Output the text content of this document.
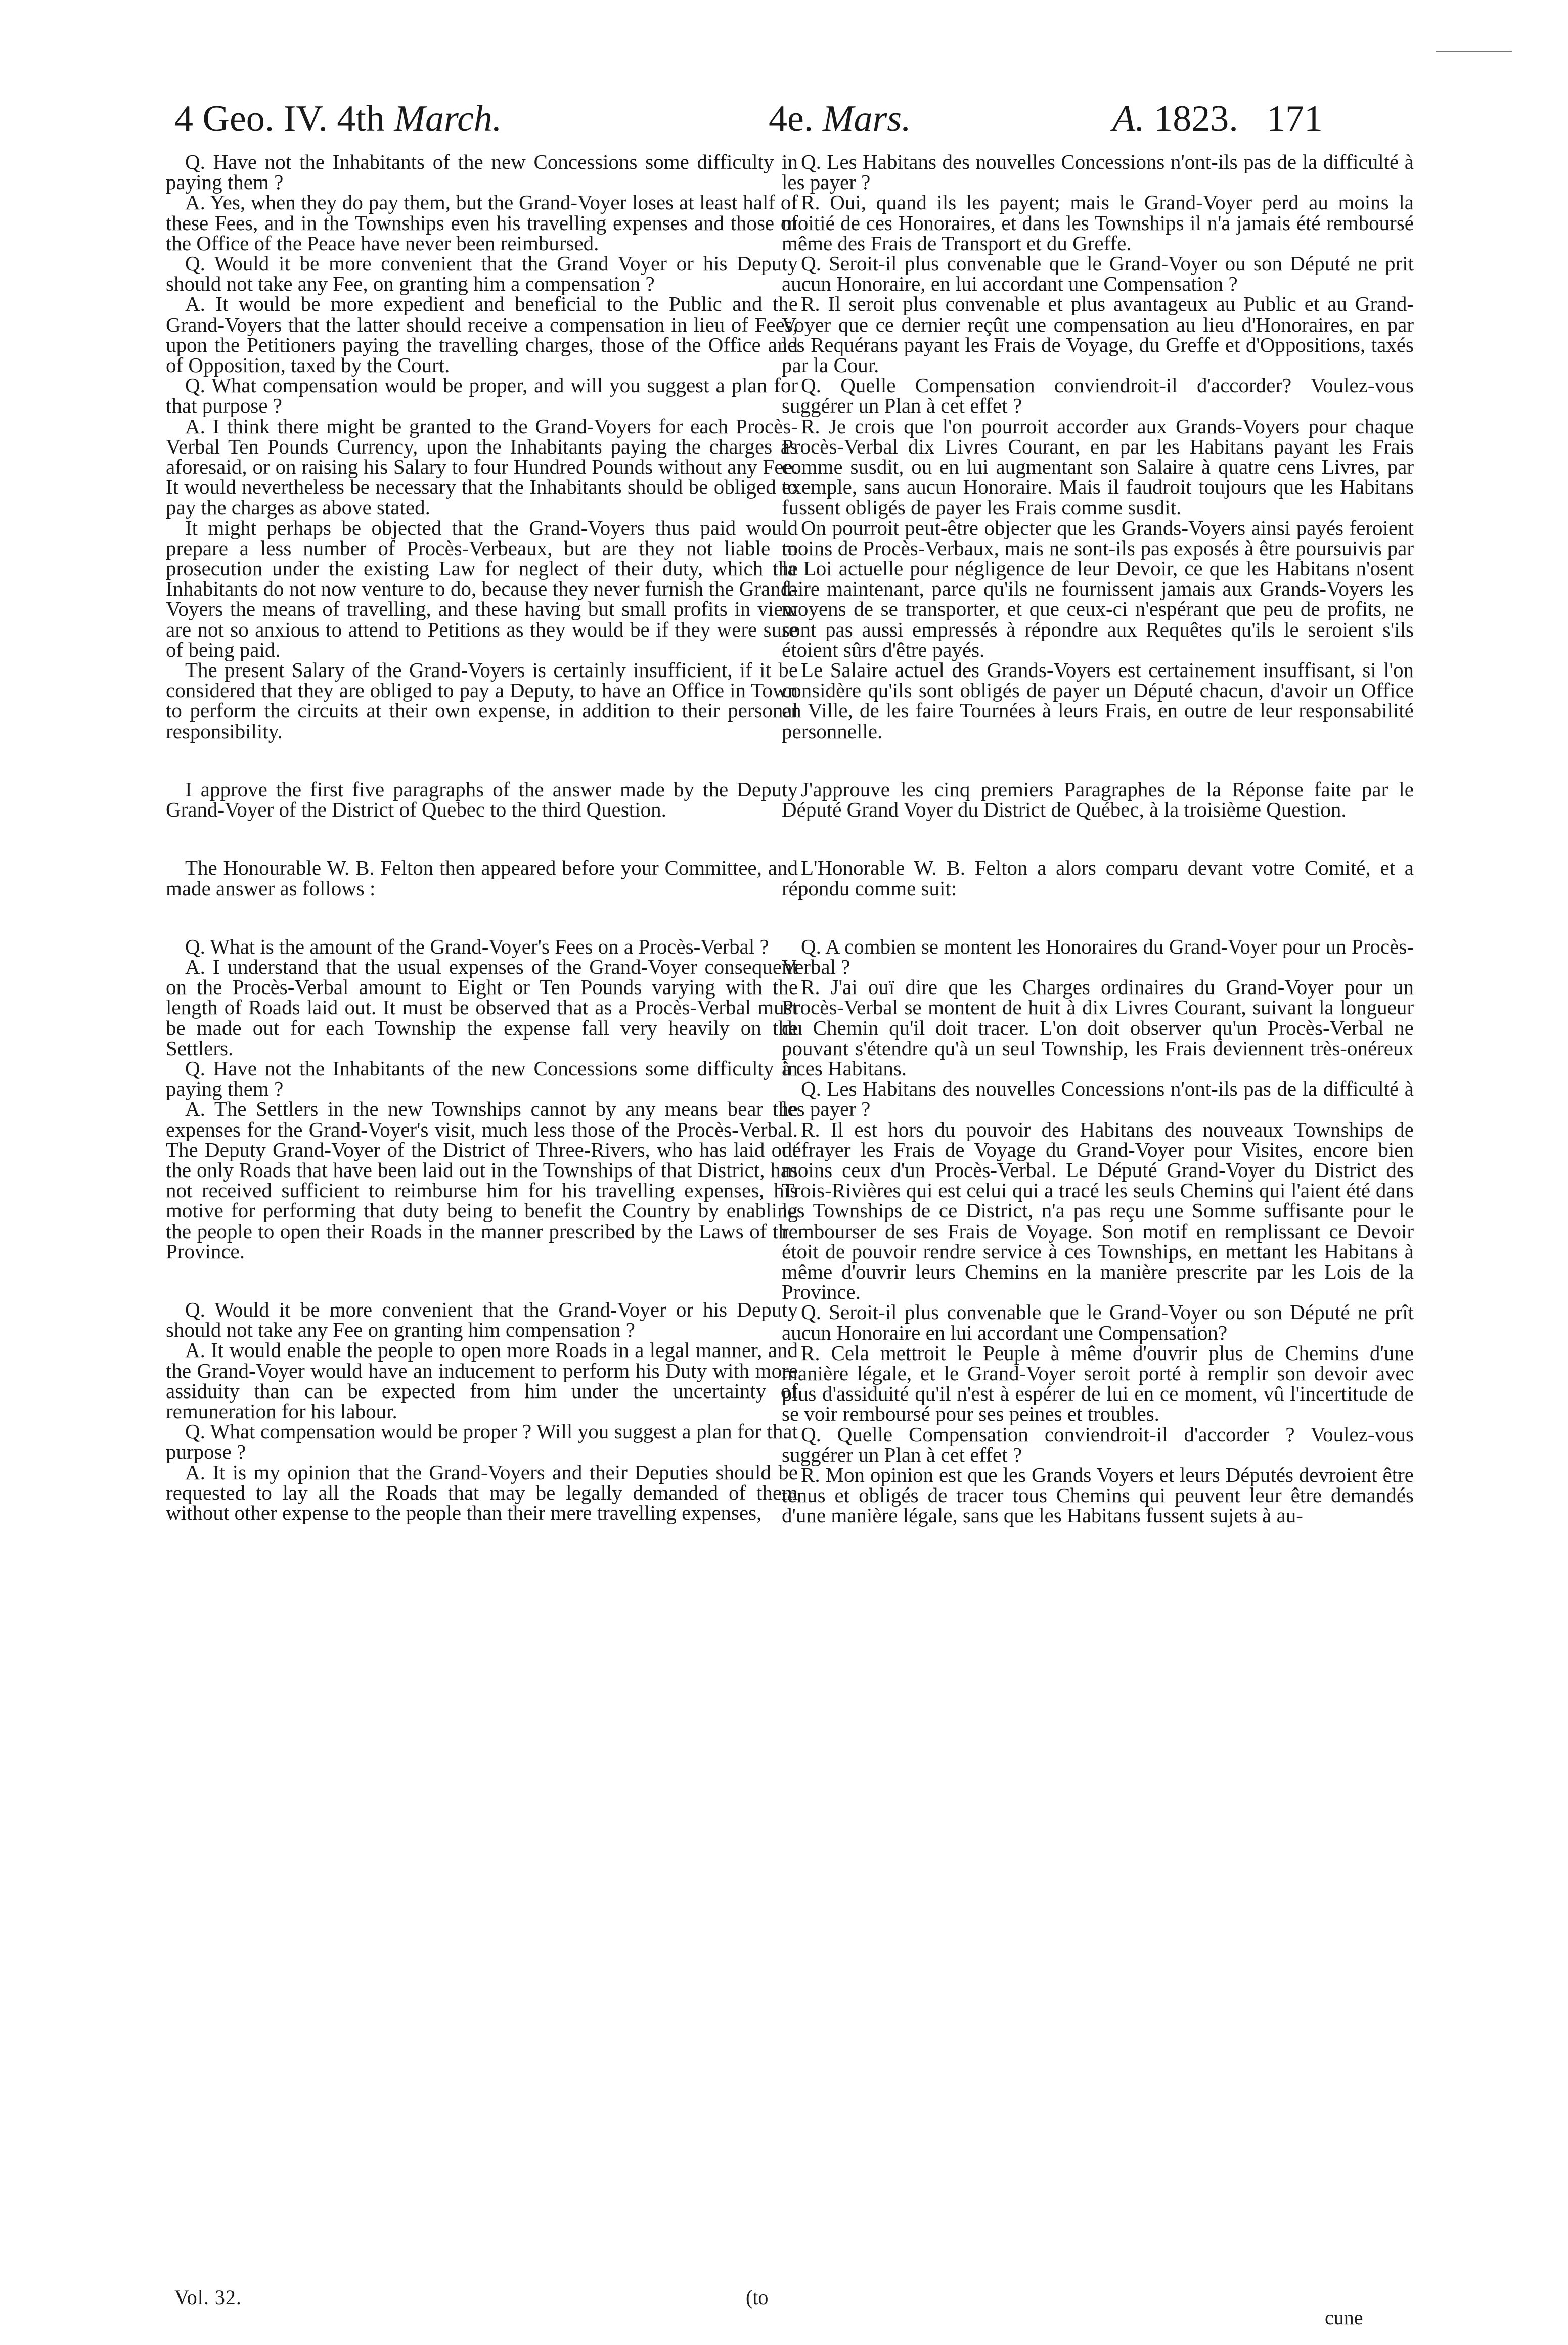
4 Geo. IV. 4th March.	4e. Mars.	A. 1823. 171

Q. Have not the Inhabitants of the new Concessions some difficulty in paying them ?

A. Yes, when they do pay them, but the Grand-Voyer loses at least half of these Fees, and in the Townships even his travelling expenses and those of the Office of the Peace have never been reimbursed.

Q. Would it be more convenient that the Grand Voyer or his Deputy should not take any Fee, on granting him a compensation ?

A. It would be more expedient and beneficial to the Public and the Grand-Voyers that the latter should receive a compensation in lieu of Fees, upon the Petitioners paying the travelling charges, those of the Office and of Opposition, taxed by the Court.

Q. What compensation would be proper, and will you suggest a plan for that purpose ?

A. I think there might be granted to the Grand-Voyers for each Procès-Verbal Ten Pounds Currency, upon the Inhabitants paying the charges as aforesaid, or on raising his Salary to four Hundred Pounds without any Fee. It would nevertheless be necessary that the Inhabitants should be obliged to pay the charges as above stated.

It might perhaps be objected that the Grand-Voyers thus paid would prepare a less number of Procès-Verbeaux, but are they not liable to prosecution under the existing Law for neglect of their duty, which the Inhabitants do not now venture to do, because they never furnish the Grand-Voyers the means of travelling, and these having but small profits in view are not so anxious to attend to Petitions as they would be if they were sure of being paid.

The present Salary of the Grand-Voyers is certainly insufficient, if it be considered that they are obliged to pay a Deputy, to have an Office in Town to perform the circuits at their own expense, in addition to their personal responsibility.

I approve the first five paragraphs of the answer made by the Deputy Grand-Voyer of the District of Quebec to the third Question.

The Honourable W. B. Felton then appeared before your Committee, and made answer as follows :

Q. What is the amount of the Grand-Voyer's Fees on a Procès-Verbal ?

A. I understand that the usual expenses of the Grand-Voyer consequent on the Procès-Verbal amount to Eight or Ten Pounds varying with the length of Roads laid out. It must be observed that as a Procès-Verbal must be made out for each Township the expense fall very heavily on the Settlers.

Q. Have not the Inhabitants of the new Concessions some difficulty in paying them ?

A. The Settlers in the new Townships cannot by any means bear the expenses for the Grand-Voyer's visit, much less those of the Procès-Verbal. The Deputy Grand-Voyer of the District of Three-Rivers, who has laid out the only Roads that have been laid out in the Townships of that District, has not received sufficient to reimburse him for his travelling expenses, his motive for performing that duty being to benefit the Country by enabling the people to open their Roads in the manner prescribed by the Laws of the Province.

Q. Would it be more convenient that the Grand-Voyer or his Deputy should not take any Fee on granting him compensation ?

A. It would enable the people to open more Roads in a legal manner, and the Grand-Voyer would have an inducement to perform his Duty with more assiduity than can be expected from him under the uncertainty of remuneration for his labour.

Q. What compensation would be proper ? Will you suggest a plan for that purpose ?

A. It is my opinion that the Grand-Voyers and their Deputies should be requested to lay all the Roads that may be legally demanded of them without other expense to the people than their mere travelling expenses,

Q. Les Habitans des nouvelles Concessions n'ont-ils pas de la difficulté à les payer ?

R. Oui, quand ils les payent; mais le Grand-Voyer perd au moins la moitié de ces Honoraires, et dans les Townships il n'a jamais été remboursé même des Frais de Transport et du Greffe.

Q. Seroit-il plus convenable que le Grand-Voyer ou son Député ne prit aucun Honoraire, en lui accordant une Compensation ?

R. Il seroit plus convenable et plus avantageux au Public et au Grand-Voyer que ce dernier reçût une compensation au lieu d'Honoraires, en par les Requérans payant les Frais de Voyage, du Greffe et d'Oppositions, taxés par la Cour.

Q. Quelle Compensation conviendroit-il d'accorder? Voulez-vous suggérer un Plan à cet effet ?

R. Je crois que l'on pourroit accorder aux Grands-Voyers pour chaque Procès-Verbal dix Livres Courant, en par les Habitans payant les Frais comme susdit, ou en lui augmentant son Salaire à quatre cens Livres, par exemple, sans aucun Honoraire. Mais il faudroit toujours que les Habitans fussent obligés de payer les Frais comme susdit.

On pourroit peut-être objecter que les Grands-Voyers ainsi payés feroient moins de Procès-Verbaux, mais ne sont-ils pas exposés à être poursuivis par la Loi actuelle pour négligence de leur Devoir, ce que les Habitans n'osent faire maintenant, parce qu'ils ne fournissent jamais aux Grands-Voyers les moyens de se transporter, et que ceux-ci n'espérant que peu de profits, ne sont pas aussi empressés à répondre aux Requêtes qu'ils le seroient s'ils étoient sûrs d'être payés.

Le Salaire actuel des Grands-Voyers est certainement insuffisant, si l'on considère qu'ils sont obligés de payer un Député chacun, d'avoir un Office en Ville, de les faire Tournées à leurs Frais, en outre de leur responsabilité personnelle.

J'approuve les cinq premiers Paragraphes de la Réponse faite par le Député Grand Voyer du District de Québec, à la troisième Question.

L'Honorable W. B. Felton a alors comparu devant votre Comité, et a répondu comme suit:

Q. A combien se montent les Honoraires du Grand-Voyer pour un Procès-Verbal ?

R. J'ai ouï dire que les Charges ordinaires du Grand-Voyer pour un Procès-Verbal se montent de huit à dix Livres Courant, suivant la longueur du Chemin qu'il doit tracer. L'on doit observer qu'un Procès-Verbal ne pouvant s'étendre qu'à un seul Township, les Frais deviennent très-onéreux à ces Habitans.

Q. Les Habitans des nouvelles Concessions n'ont-ils pas de la difficulté à les payer ?

R. Il est hors du pouvoir des Habitans des nouveaux Townships de défrayer les Frais de Voyage du Grand-Voyer pour Visites, encore bien moins ceux d'un Procès-Verbal. Le Député Grand-Voyer du District des Trois-Rivières qui est celui qui a tracé les seuls Chemins qui l'aient été dans les Townships de ce District, n'a pas reçu une Somme suffisante pour le rembourser de ses Frais de Voyage. Son motif en remplissant ce Devoir étoit de pouvoir rendre service à ces Townships, en mettant les Habitans à même d'ouvrir leurs Chemins en la manière prescrite par les Lois de la Province.

Q. Seroit-il plus convenable que le Grand-Voyer ou son Député ne prît aucun Honoraire en lui accordant une Compensation?

R. Cela mettroit le Peuple à même d'ouvrir plus de Chemins d'une manière légale, et le Grand-Voyer seroit porté à remplir son devoir avec plus d'assiduité qu'il n'est à espérer de lui en ce moment, vû l'incertitude de se voir remboursé pour ses peines et troubles.

Q. Quelle Compensation conviendroit-il d'accorder ? Voulez-vous suggérer un Plan à cet effet ?

R. Mon opinion est que les Grands Voyers et leurs Députés devroient être tenus et obligés de tracer tous Chemins qui peuvent leur être demandés d'une manière légale, sans que les Habitans fussent sujets à au-

Vol. 32.	(to
cune
